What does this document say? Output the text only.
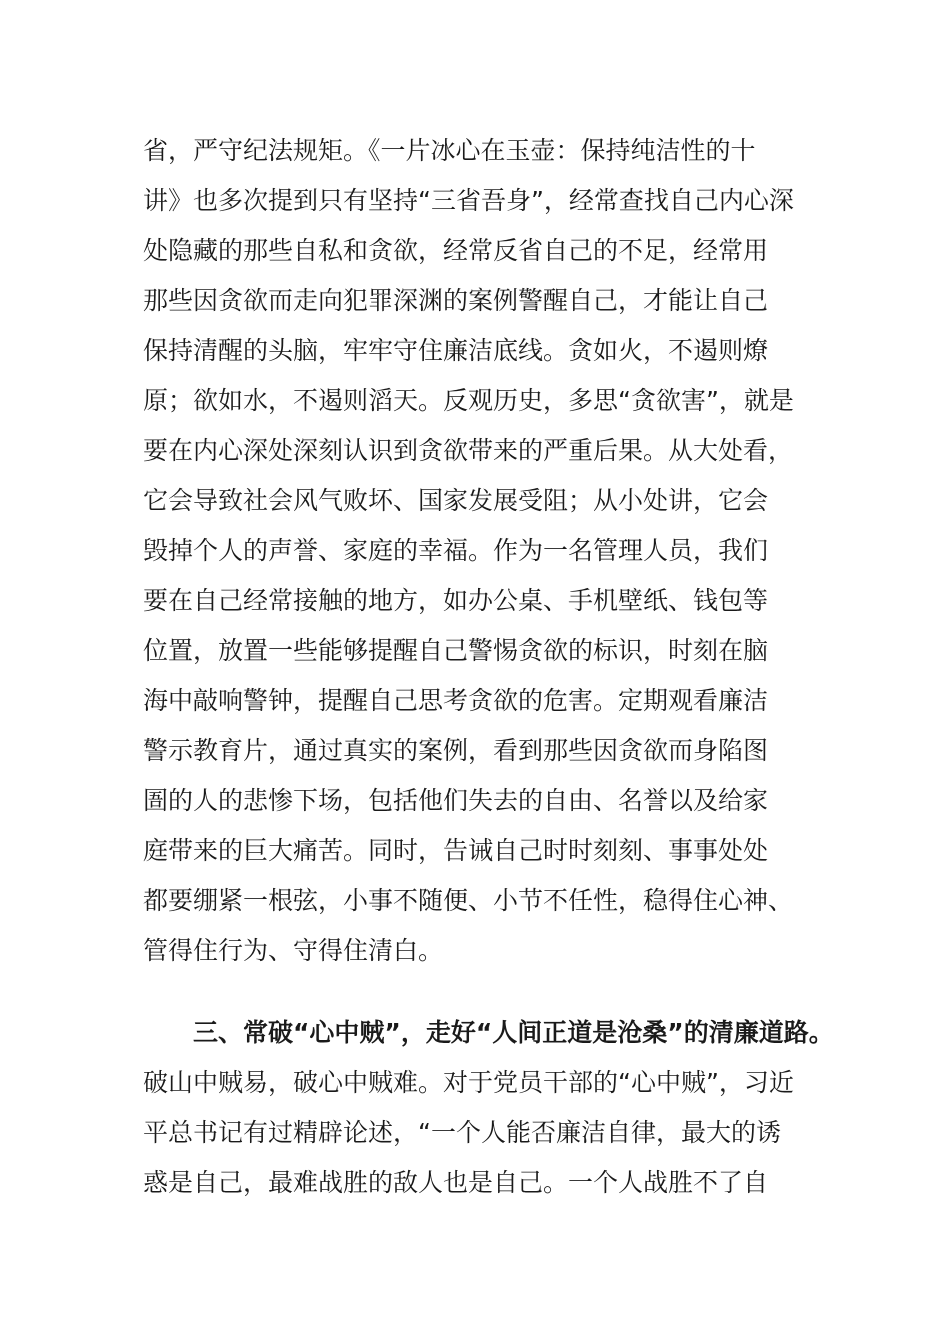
省，严守纪法规矩。《一片冰心在玉壶：保持纯洁性的十
讲》也多次提到只有坚持“三省吾身”，经常查找自己内心深
处隐藏的那些自私和贪欲，经常反省自己的不足，经常用
那些因贪欲而走向犯罪深渊的案例警醒自己，才能让自己
保持清醒的头脑，牢牢守住廉洁底线。贪如火，不遏则燎
原；欲如水，不遏则滔天。反观历史，多思“贪欲害”，就是
要在内心深处深刻认识到贪欲带来的严重后果。从大处看，
它会导致社会风气败坏、国家发展受阻；从小处讲，它会
毁掉个人的声誉、家庭的幸福。作为一名管理人员，我们
要在自己经常接触的地方，如办公桌、手机壁纸、钱包等
位置，放置一些能够提醒自己警惕贪欲的标识，时刻在脑
海中敲响警钟，提醒自己思考贪欲的危害。定期观看廉洁
警示教育片，通过真实的案例，看到那些因贪欲而身陷图
圄的人的悲惨下场，包括他们失去的自由、名誉以及给家
庭带来的巨大痛苦。同时，告诫自己时时刻刻、事事处处
都要绷紧一根弦，小事不随便、小节不任性，稳得住心神、
管得住行为、守得住清白。
三、常破“心中贼”，走好“人间正道是沧桑”的清廉道路。
破山中贼易，破心中贼难。对于党员干部的“心中贼”，习近
平总书记有过精辟论述，“一个人能否廉洁自律，最大的诱
惑是自己，最难战胜的敌人也是自己。一个人战胜不了自
